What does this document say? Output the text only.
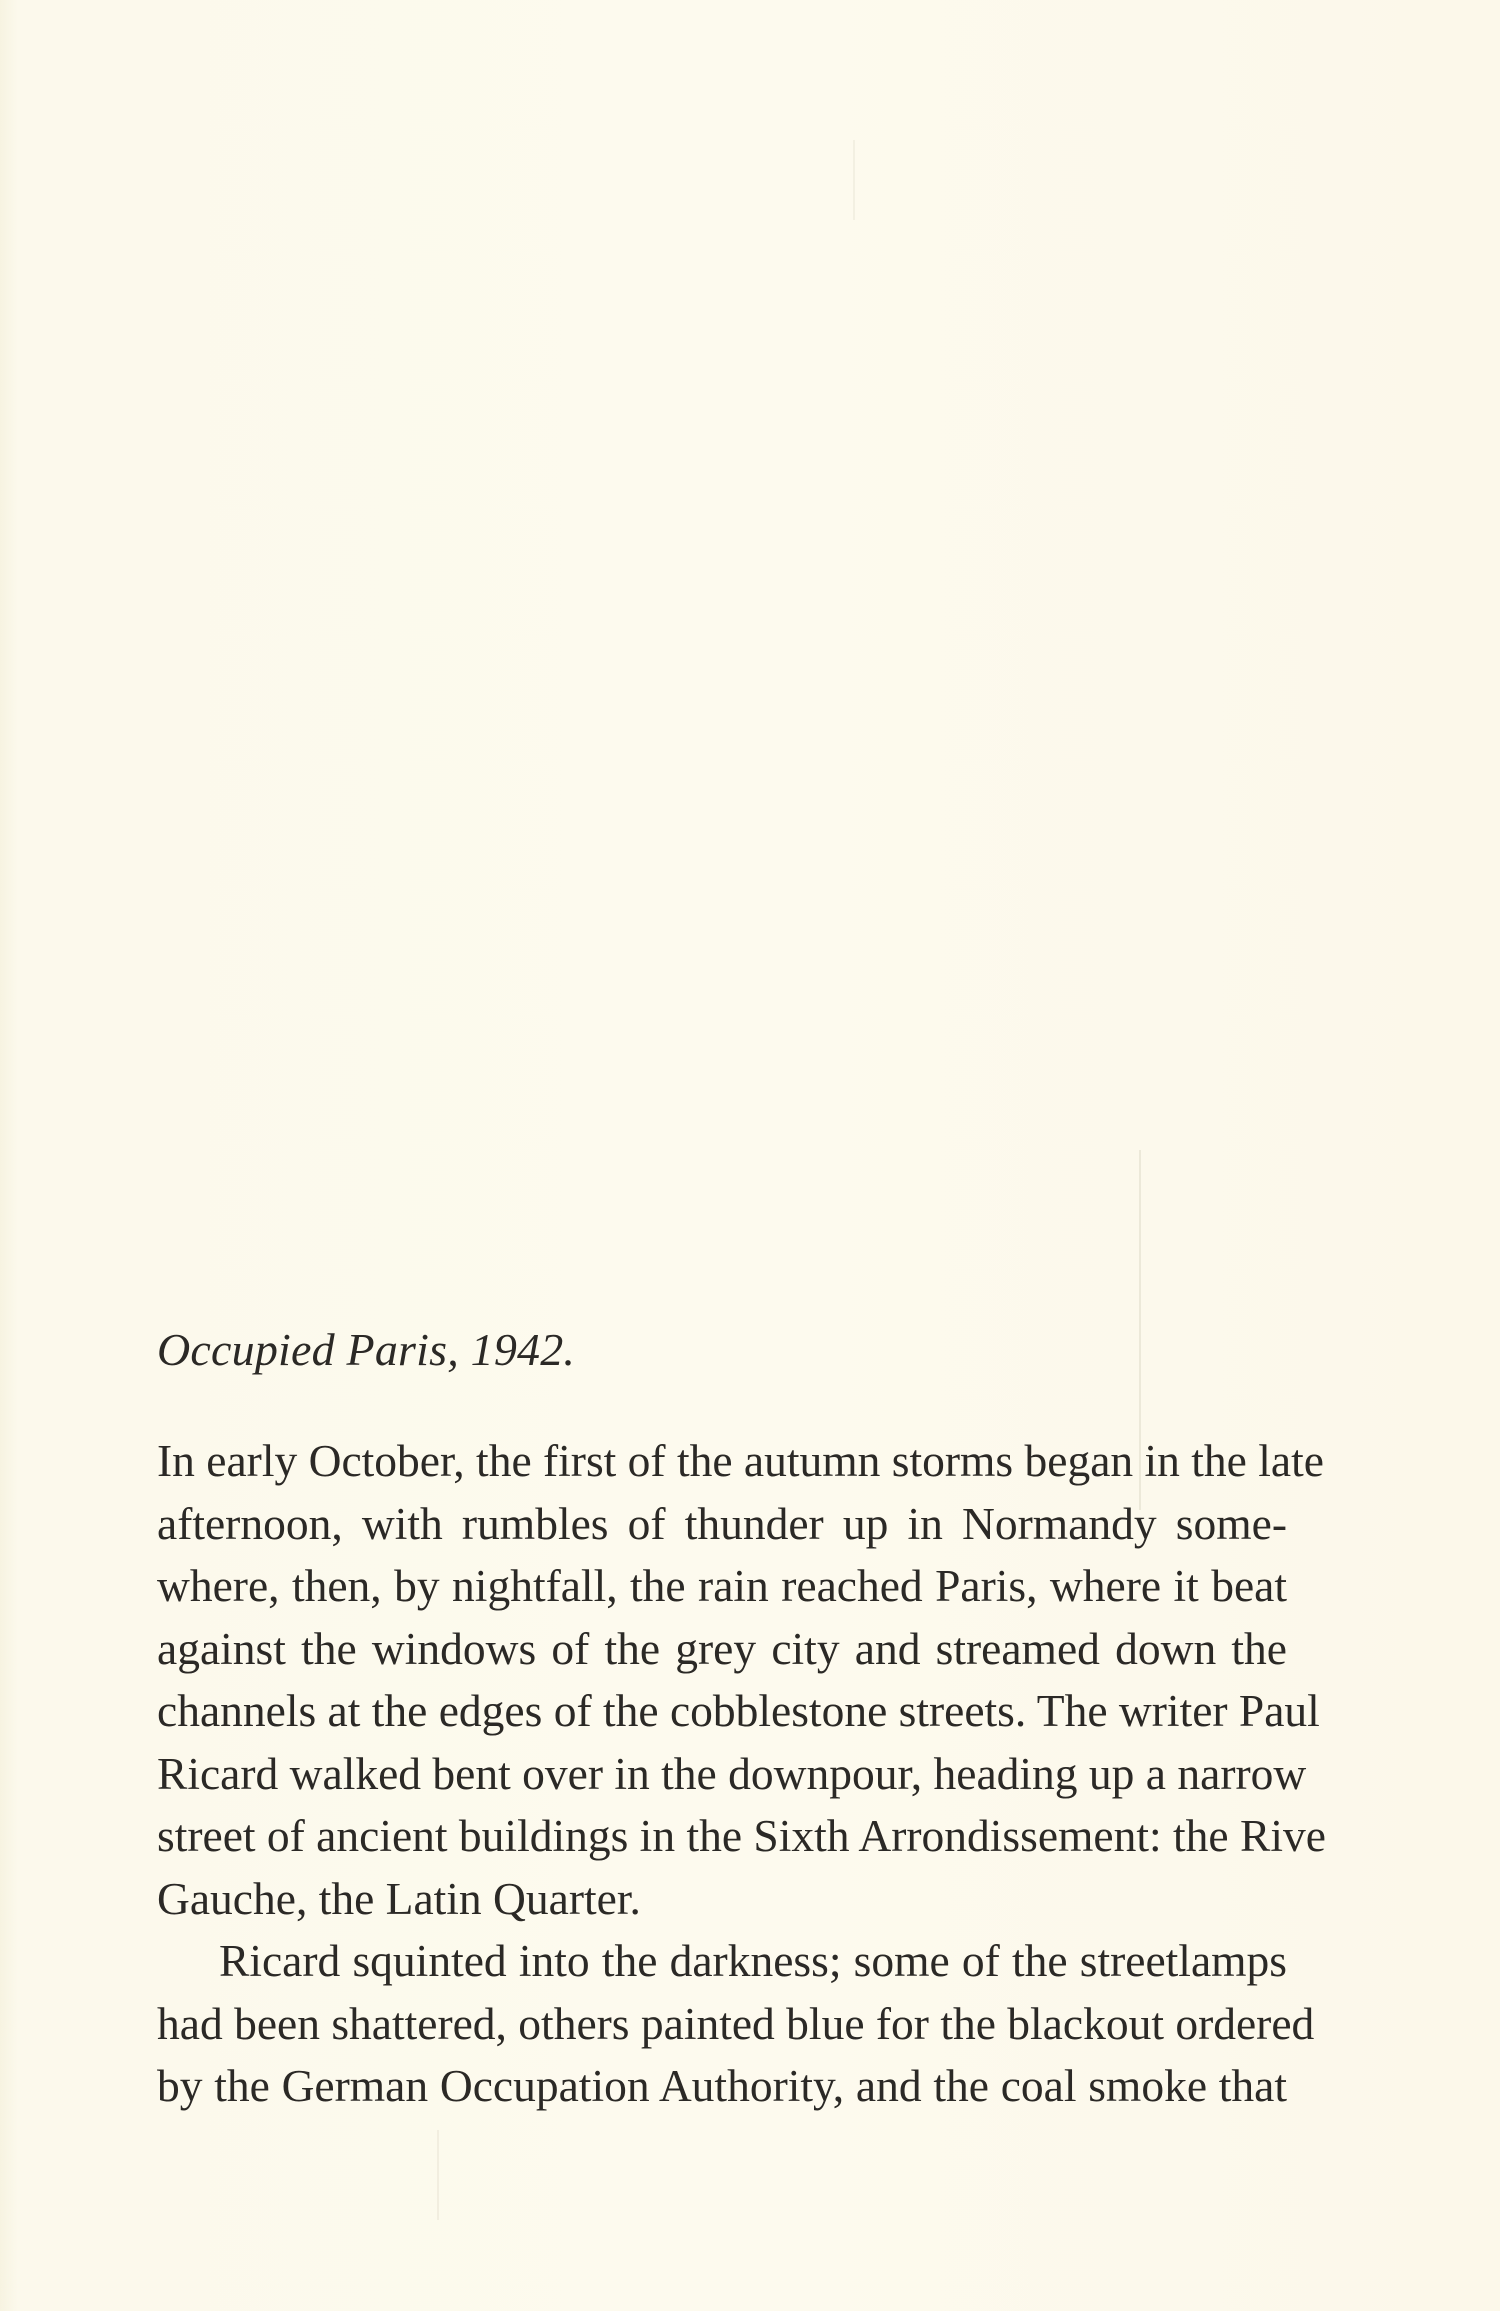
Occupied Paris, 1942.

In early October, the first of the autumn storms began in the late
afternoon, with rumbles of thunder up in Normandy some-
where, then, by nightfall, the rain reached Paris, where it beat
against the windows of the grey city and streamed down the
channels at the edges of the cobblestone streets. The writer Paul
Ricard walked bent over in the downpour, heading up a narrow
street of ancient buildings in the Sixth Arrondissement: the Rive
Gauche, the Latin Quarter.

Ricard squinted into the darkness; some of the streetlamps
had been shattered, others painted blue for the blackout ordered
by the German Occupation Authority, and the coal smoke that
